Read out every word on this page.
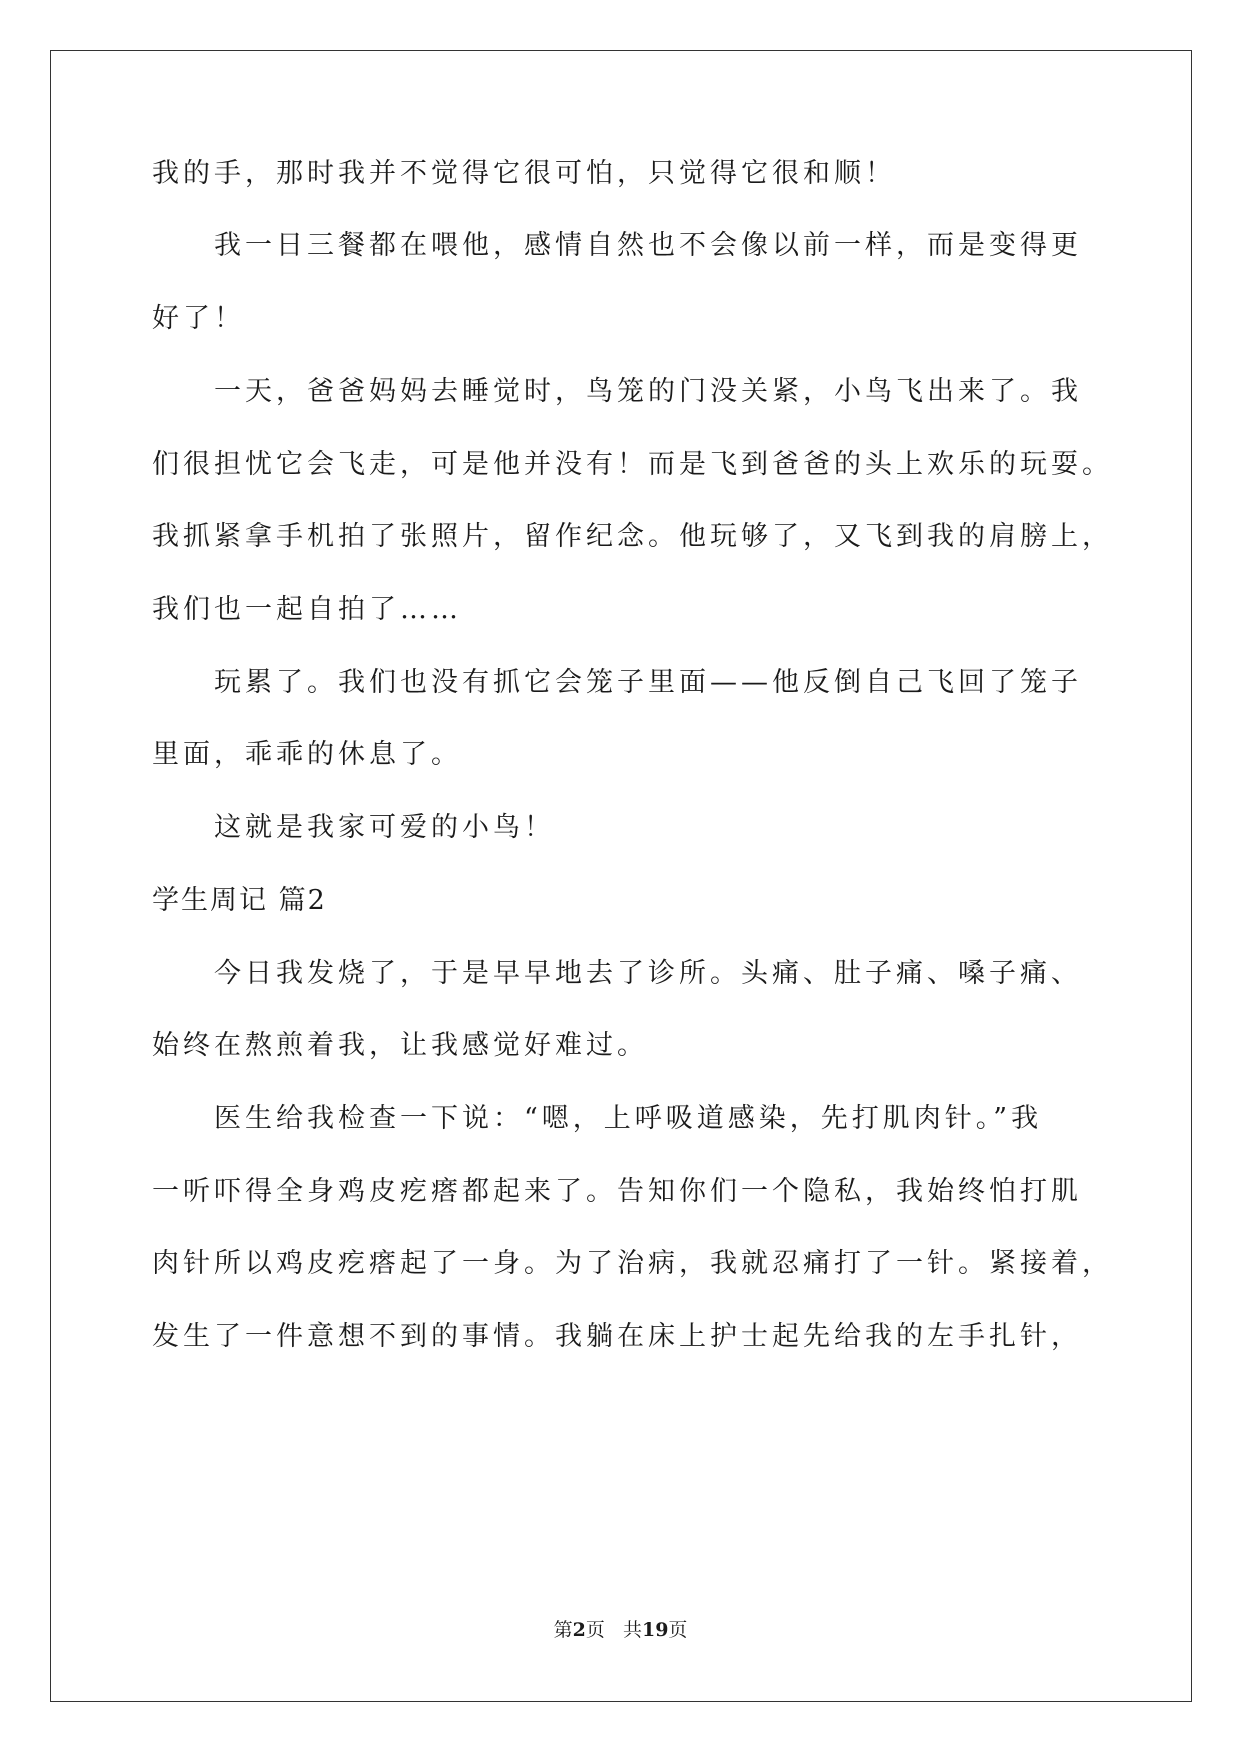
我的手，那时我并不觉得它很可怕，只觉得它很和顺！
我一日三餐都在喂他，感情自然也不会像以前一样，而是变得更
好了！
一天，爸爸妈妈去睡觉时，鸟笼的门没关紧，小鸟飞出来了。我
们很担忧它会飞走，可是他并没有！而是飞到爸爸的头上欢乐的玩耍。
我抓紧拿手机拍了张照片，留作纪念。他玩够了，又飞到我的肩膀上，
我们也一起自拍了……
玩累了。我们也没有抓它会笼子里面——他反倒自己飞回了笼子
里面，乖乖的休息了。
这就是我家可爱的小鸟！
学生周记 篇2
今日我发烧了，于是早早地去了诊所。头痛、肚子痛、嗓子痛、
始终在熬煎着我，让我感觉好难过。
医生给我检查一下说：“嗯，上呼吸道感染，先打肌肉针。”我
一听吓得全身鸡皮疙瘩都起来了。告知你们一个隐私，我始终怕打肌
肉针所以鸡皮疙瘩起了一身。为了治病，我就忍痛打了一针。紧接着，
发生了一件意想不到的事情。我躺在床上护士起先给我的左手扎针，
第2页 共19页
